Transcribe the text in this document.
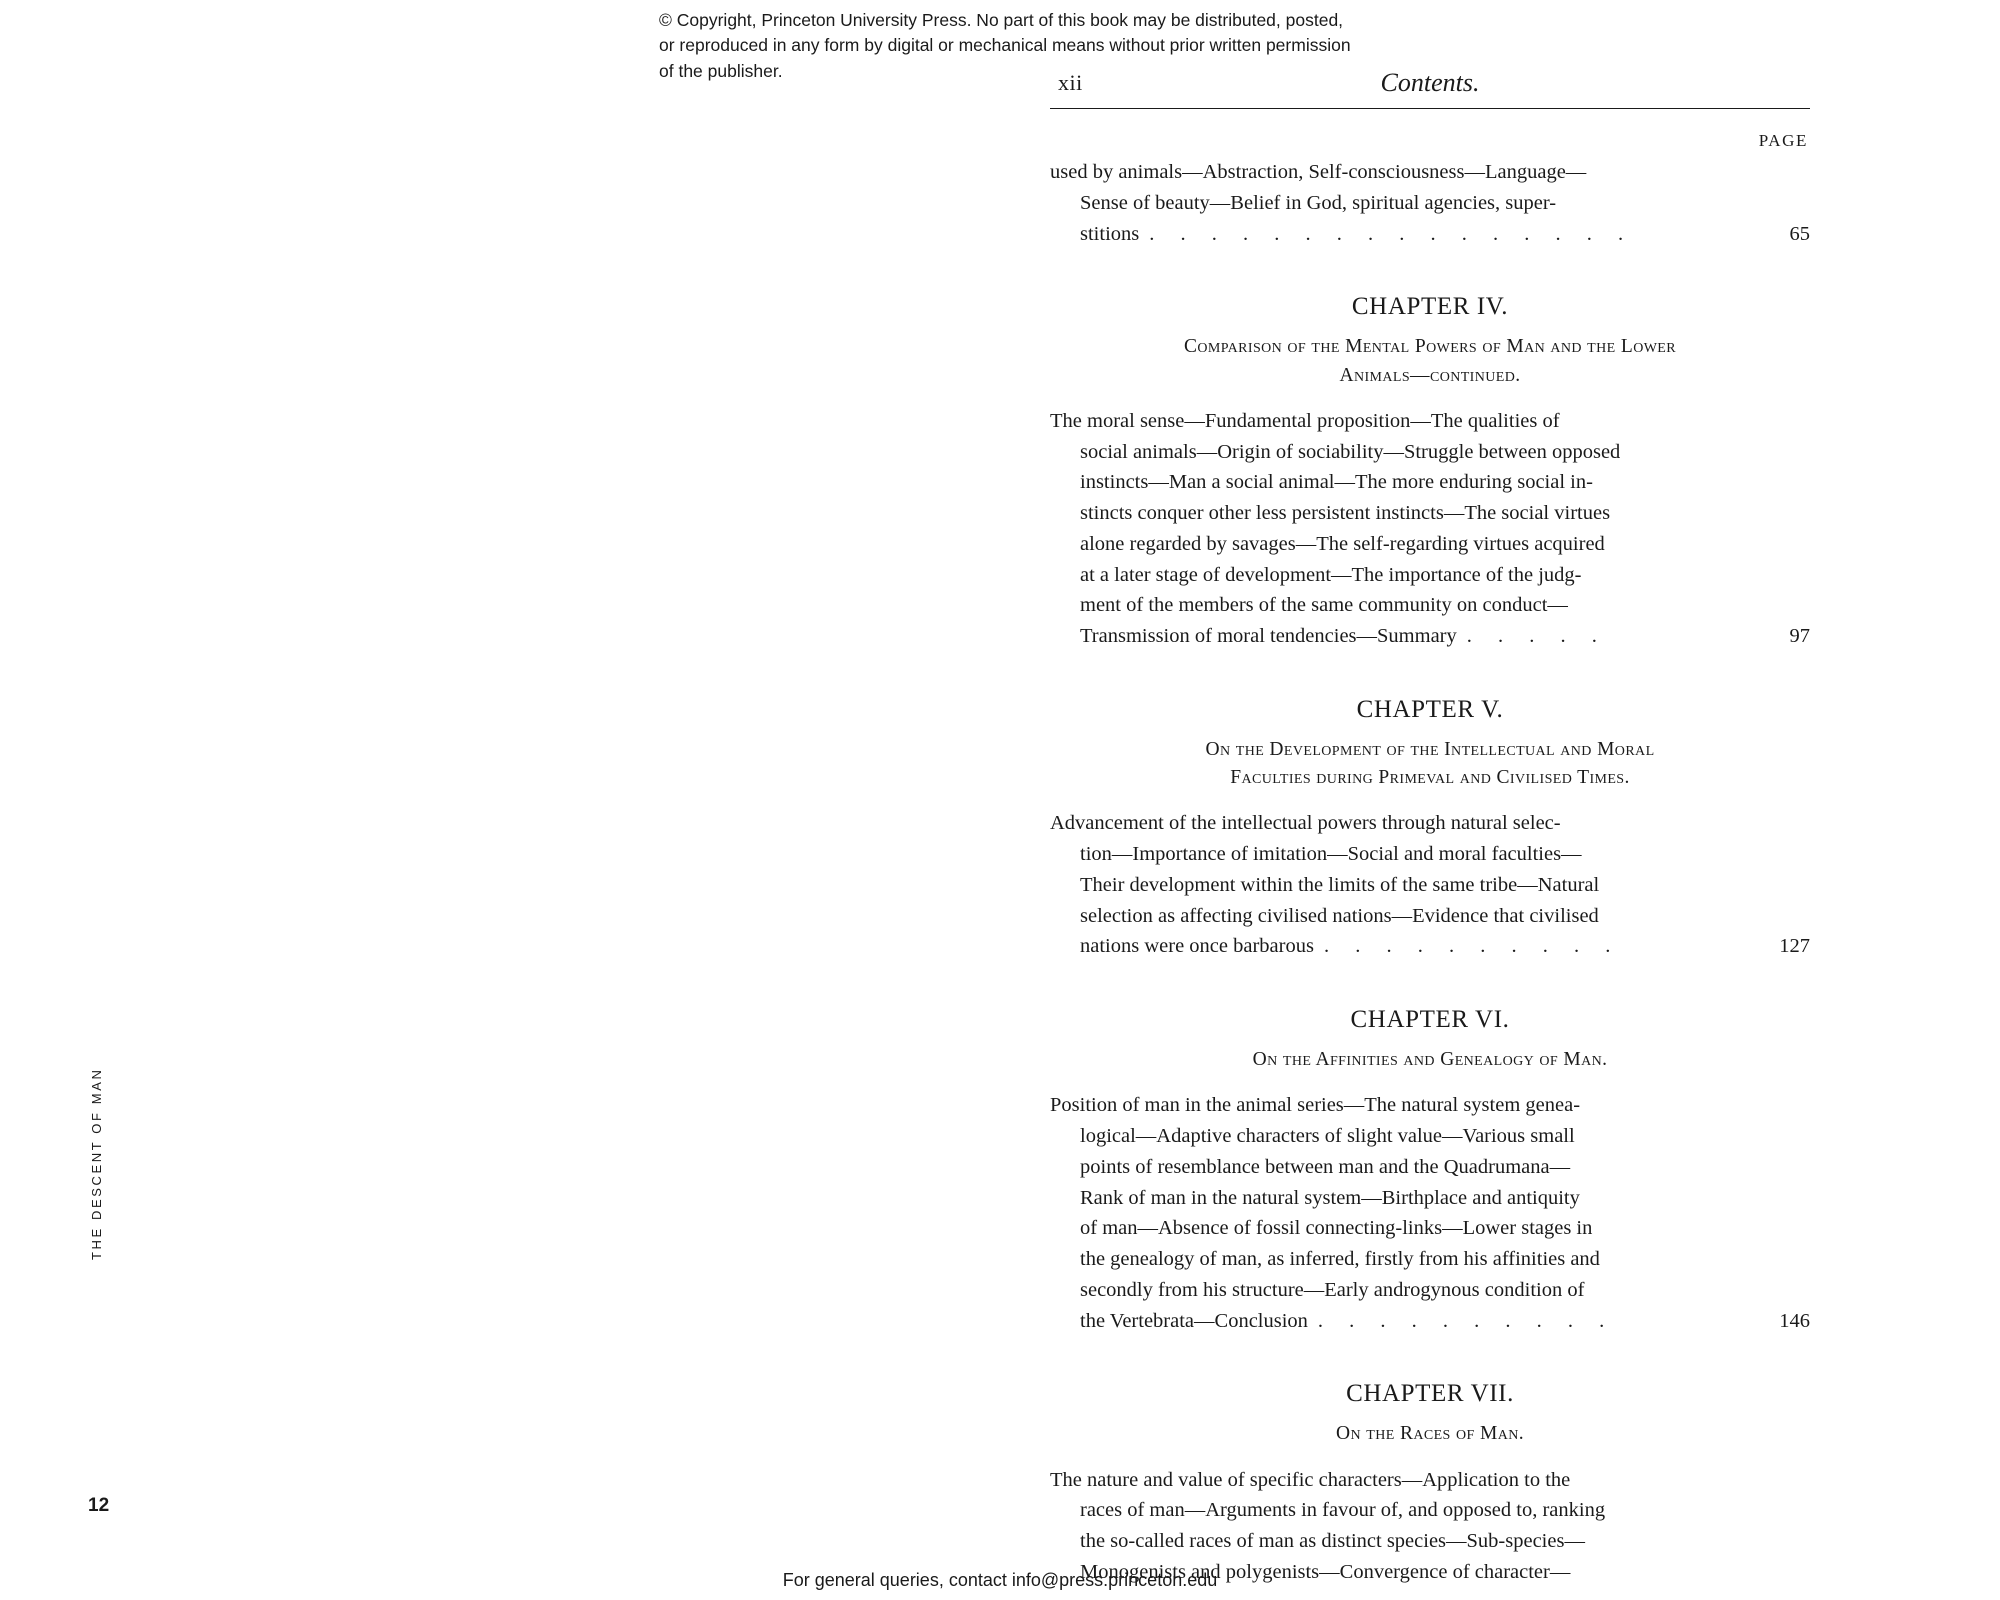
© Copyright, Princeton University Press. No part of this book may be distributed, posted, or reproduced in any form by digital or mechanical means without prior written permission of the publisher.
THE DESCENT OF MAN
12
xii	Contents.
PAGE
used by animals—Abstraction, Self-consciousness—Language—
Sense of beauty—Belief in God, spiritual agencies, super-
stitions . . . . . . . . . . . . . . . .	65
CHAPTER IV.
Comparison of the Mental Powers of Man and the Lower
Animals—continued.
The moral sense—Fundamental proposition—The qualities of
social animals—Origin of sociability—Struggle between opposed
instincts—Man a social animal—The more enduring social in-
stincts conquer other less persistent instincts—The social virtues
alone regarded by savages—The self-regarding virtues acquired
at a later stage of development—The importance of the judg-
ment of the members of the same community on conduct—
Transmission of moral tendencies—Summary . . . . .	97
CHAPTER V.
On the Development of the Intellectual and Moral
Faculties during Primeval and Civilised Times.
Advancement of the intellectual powers through natural selec-
tion—Importance of imitation—Social and moral faculties—
Their development within the limits of the same tribe—Natural
selection as affecting civilised nations—Evidence that civilised
nations were once barbarous . . . . . . . . . .	127
CHAPTER VI.
On the Affinities and Genealogy of Man.
Position of man in the animal series—The natural system genea-
logical—Adaptive characters of slight value—Various small
points of resemblance between man and the Quadrumana—
Rank of man in the natural system—Birthplace and antiquity
of man—Absence of fossil connecting-links—Lower stages in
the genealogy of man, as inferred, firstly from his affinities and
secondly from his structure—Early androgynous condition of
the Vertebrata—Conclusion . . . . . . . . . .	146
CHAPTER VII.
On the Races of Man.
The nature and value of specific characters—Application to the
races of man—Arguments in favour of, and opposed to, ranking
the so-called races of man as distinct species—Sub-species—
Monogenists and polygenists—Convergence of character—
For general queries, contact info@press.princeton.edu
